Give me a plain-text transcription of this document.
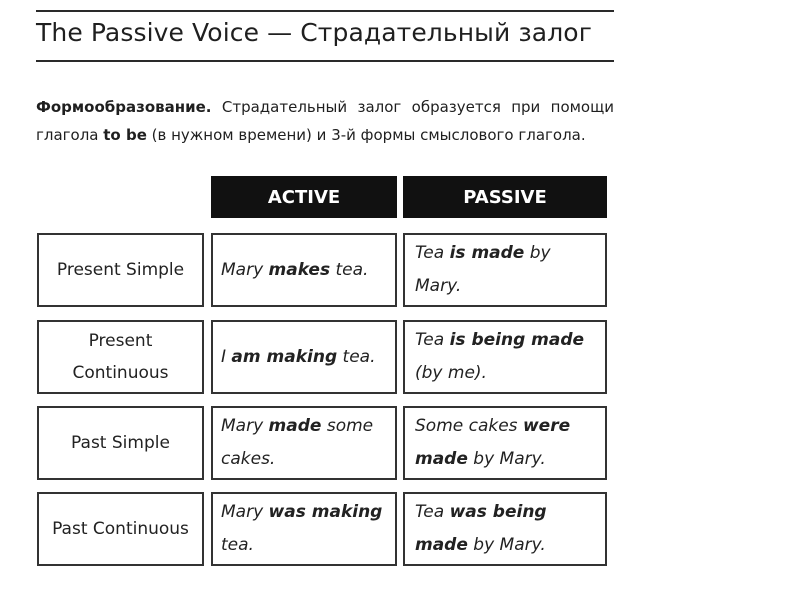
The Passive Voice — Страдательный залог

Формообразование. Страдательный залог образуется при помощи глагола to be (в нужном времени) и 3-й формы смыслового глагола.

ACTIVE	PASSIVE
Present Simple	Mary makes tea.
Tea is made by Mary.
Present Continuous
I am making tea.
Tea is being made (by me).
Past Simple
Mary made some cakes.
Some cakes were made by Mary.
Past Continuous
Mary was making tea.
Tea was being made by Mary.
